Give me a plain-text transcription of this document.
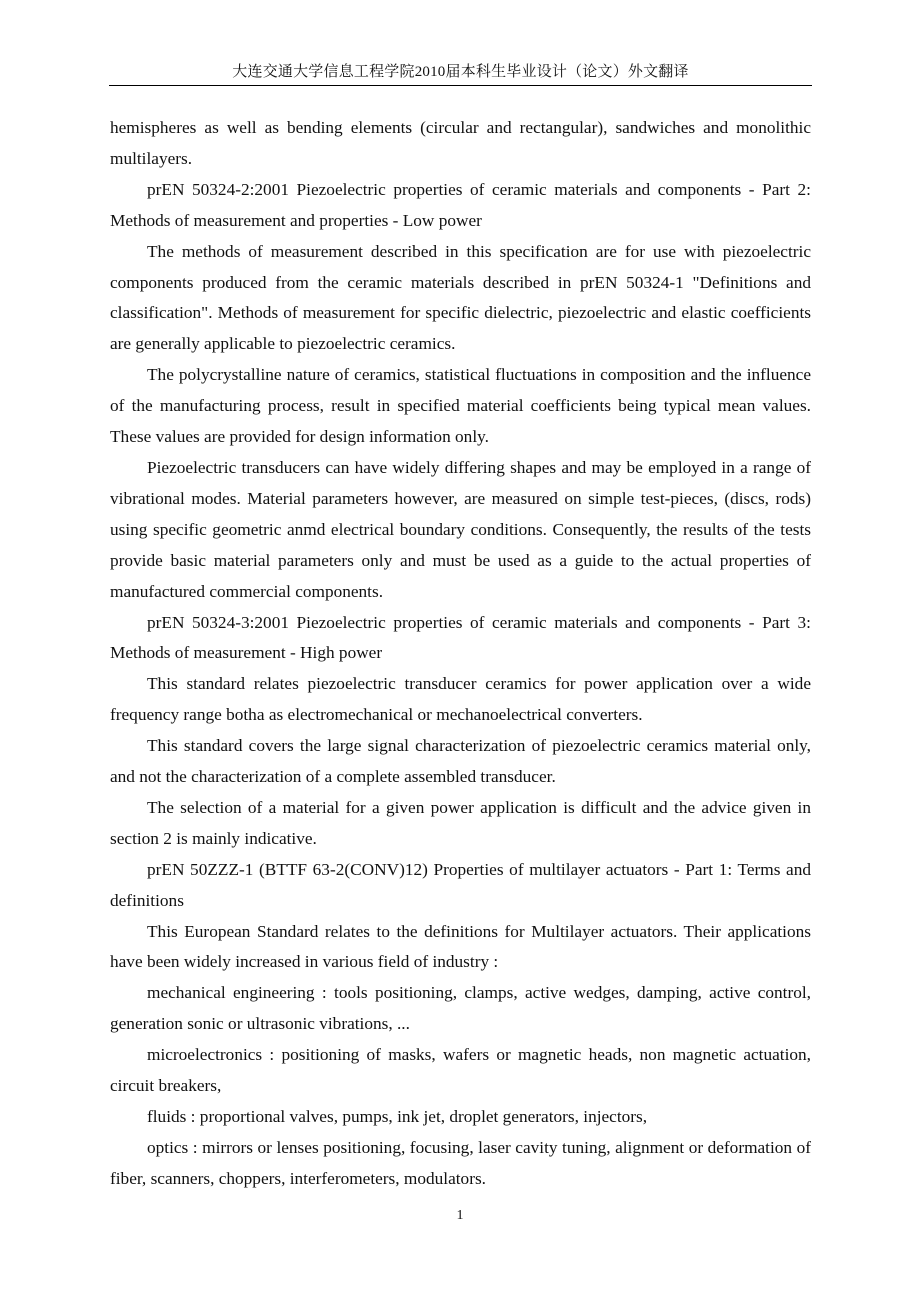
大连交通大学信息工程学院2010届本科生毕业设计（论文）外文翻译

hemispheres as well as bending elements (circular and rectangular), sandwiches and monolithic multilayers.

prEN 50324-2:2001 Piezoelectric properties of ceramic materials and components - Part 2: Methods of measurement and properties - Low power

The methods of measurement described in this specification are for use with piezoelectric components produced from the ceramic materials described in prEN 50324-1 "Definitions and classification". Methods of measurement for specific dielectric, piezoelectric and elastic coefficients are generally applicable to piezoelectric ceramics.

The polycrystalline nature of ceramics, statistical fluctuations in composition and the influence of the manufacturing process, result in specified material coefficients being typical mean values. These values are provided for design information only.

Piezoelectric transducers can have widely differing shapes and may be employed in a range of vibrational modes. Material parameters however, are measured on simple test-pieces, (discs, rods) using specific geometric anmd electrical boundary conditions. Consequently, the results of the tests provide basic material parameters only and must be used as a guide to the actual properties of manufactured commercial components.

prEN 50324-3:2001 Piezoelectric properties of ceramic materials and components - Part 3: Methods of measurement - High power

This standard relates piezoelectric transducer ceramics for power application over a wide frequency range botha as electromechanical or mechanoelectrical converters.

This standard covers the large signal characterization of piezoelectric ceramics material only, and not the characterization of a complete assembled transducer.

The selection of a material for a given power application is difficult and the advice given in section 2 is mainly indicative.

prEN 50ZZZ-1 (BTTF 63-2(CONV)12) Properties of multilayer actuators - Part 1: Terms and definitions

This European Standard relates to the definitions for Multilayer actuators. Their applications have been widely increased in various field of industry :

mechanical engineering : tools positioning, clamps, active wedges, damping, active control, generation sonic or ultrasonic vibrations, ...

microelectronics : positioning of masks, wafers or magnetic heads, non magnetic actuation, circuit breakers,

fluids : proportional valves, pumps, ink jet, droplet generators, injectors,

optics : mirrors or lenses positioning, focusing, laser cavity tuning, alignment or deformation of fiber, scanners, choppers, interferometers, modulators.

1
